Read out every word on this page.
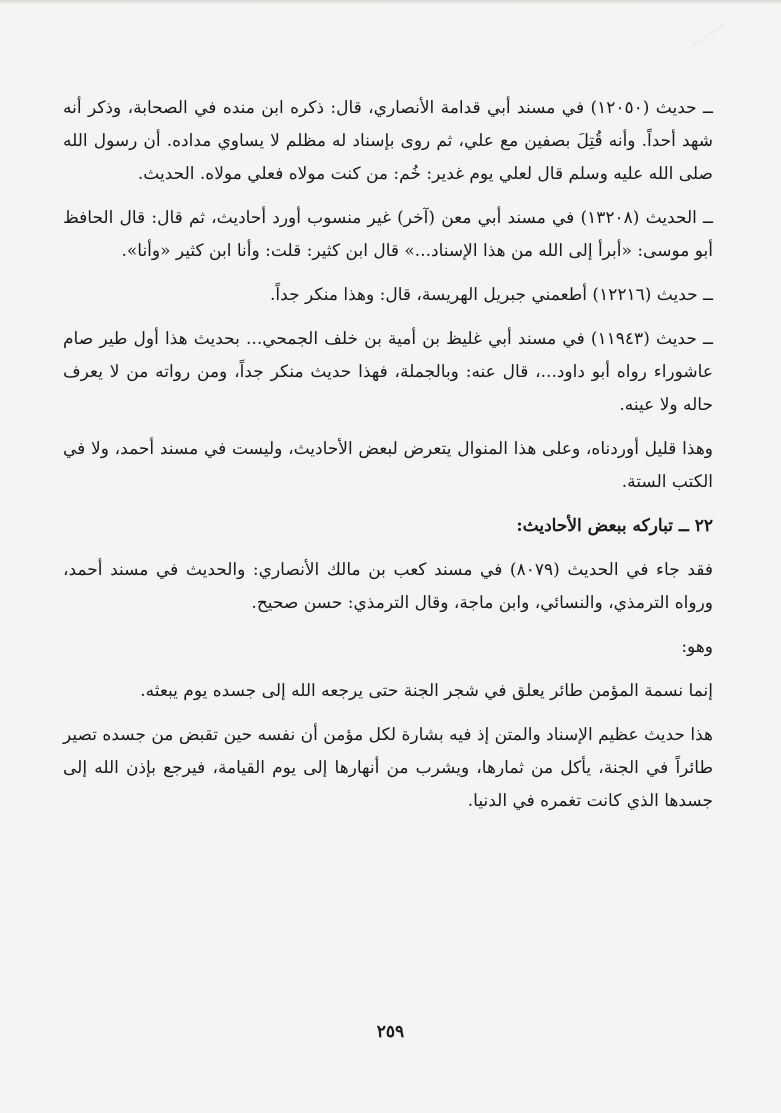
ــ حديث (١٢٠٥٠) في مسند أبي قدامة الأنصاري، قال: ذكره ابن منده في الصحابة، وذكر أنه شهد أحداً. وأنه قُتِلَ بصفين مع علي، ثم روى بإسناد له مظلم لا يساوي مداده. أن رسول الله صلى الله عليه وسلم قال لعلي يوم غدير: خُم: من كنت مولاه فعلي مولاه. الحديث.

ــ الحديث (١٣٢٠٨) في مسند أبي معن (آخر) غير منسوب أورد أحاديث، ثم قال: قال الحافظ أبو موسى: «أبرأ إلى الله من هذا الإسناد...» قال ابن كثير: قلت: وأنا ابن كثير «وأنا».

ــ حديث (١٢٢١٦) أطعمني جبريل الهريسة، قال: وهذا منكر جداً.

ــ حديث (١١٩٤٣) في مسند أبي غليظ بن أمية بن خلف الجمحي... بحديث هذا أول طير صام عاشوراء رواه أبو داود...، قال عنه: وبالجملة، فهذا حديث منكر جداً، ومن رواته من لا يعرف حاله ولا عينه.

وهذا قليل أوردناه، وعلى هذا المنوال يتعرض لبعض الأحاديث، وليست في مسند أحمد، ولا في الكتب الستة.

٢٢ ــ تباركه ببعض الأحاديث:

فقد جاء في الحديث (٨٠٧٩) في مسند كعب بن مالك الأنصاري: والحديث في مسند أحمد، ورواه الترمذي، والنسائي، وابن ماجة، وقال الترمذي: حسن صحيح.

وهو:

إنما نسمة المؤمن طائر يعلق في شجر الجنة حتى يرجعه الله إلى جسده يوم يبعثه.

هذا حديث عظيم الإسناد والمتن إذ فيه بشارة لكل مؤمن أن نفسه حين تقبض من جسده تصير طائراً في الجنة، يأكل من ثمارها، ويشرب من أنهارها إلى يوم القيامة، فيرجع بإذن الله إلى جسدها الذي كانت تغمره في الدنيا.

٢٥٩
